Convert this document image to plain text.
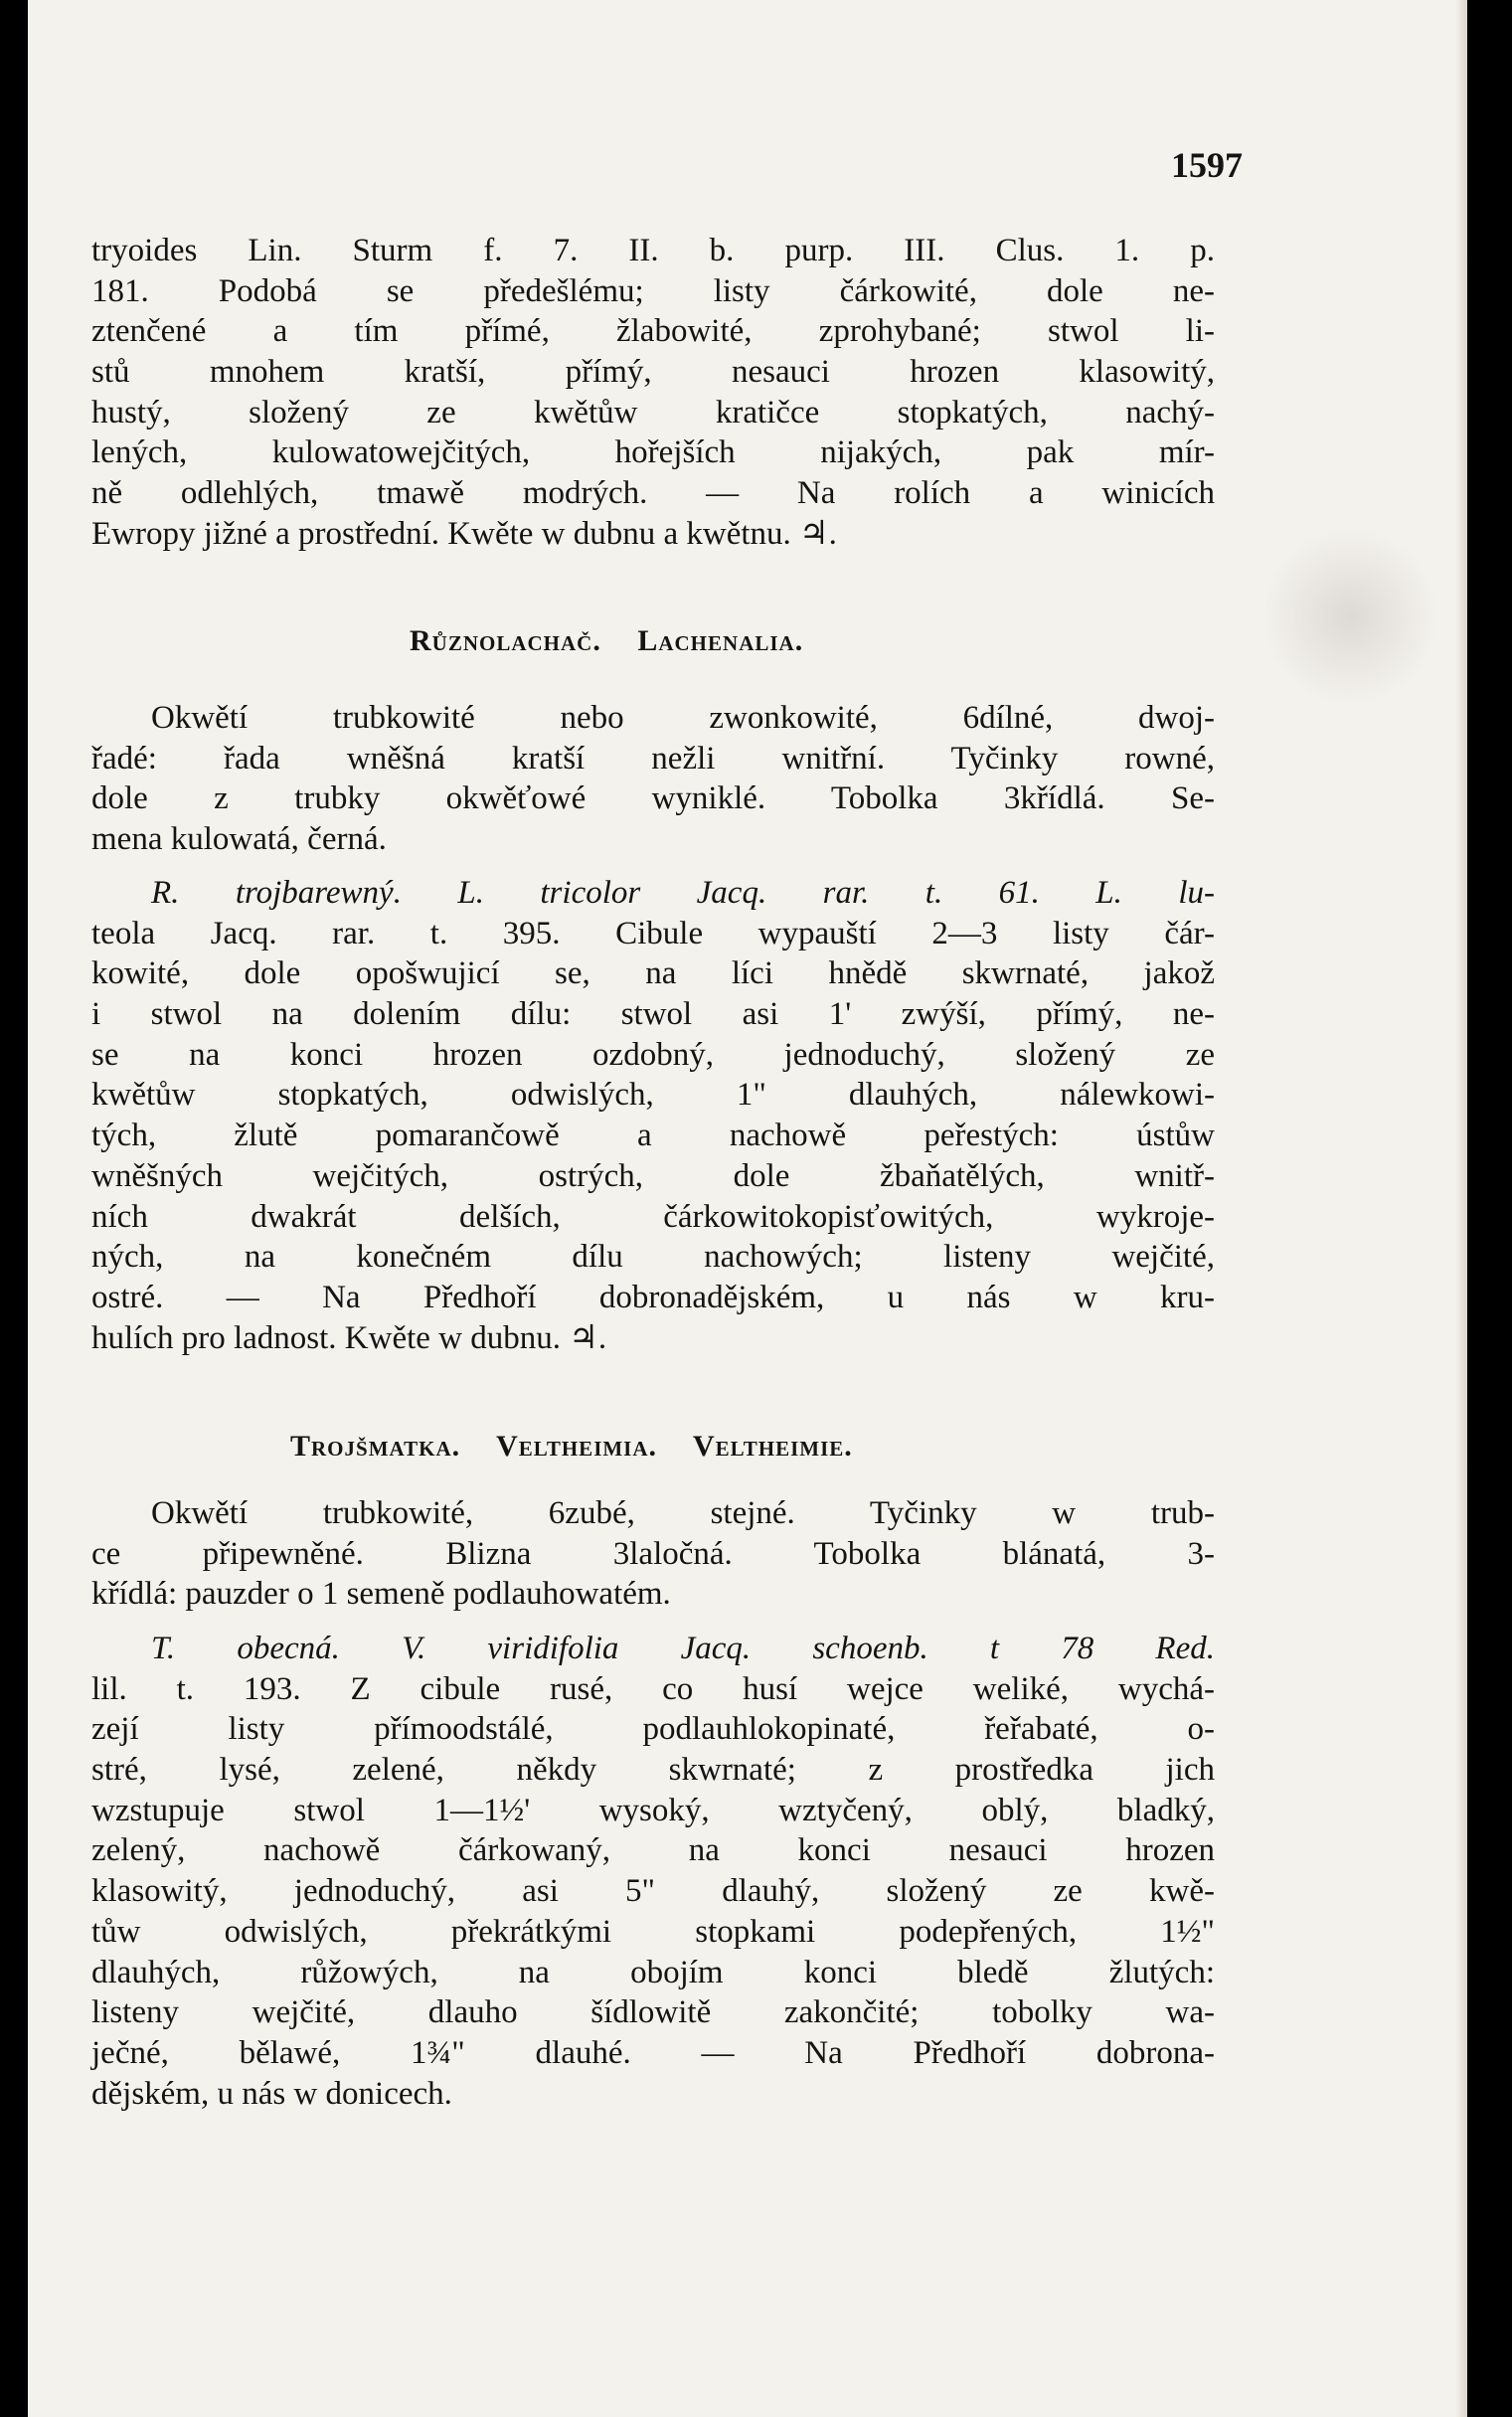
1597
tryoides Lin. Sturm f. 7. II. b. purp. III. Clus. 1. p.
181. Podobá se předešlému; listy čárkowité, dole ne-
ztenčené a tím přímé, žlabowité, zprohybané; stwol li-
stů mnohem kratší, přímý, nesauci hrozen klasowitý,
hustý, složený ze kwětůw kratičce stopkatých, nachý-
lených, kulowatowejčitých, hořejších nijakých, pak mír-
ně odlehlých, tmawě modrých. — Na rolích a winicích
Ewropy jižné a prostřední. Kwěte w dubnu a kwětnu. ♃.
Různolachač. Lachenalia.
Okwětí trubkowité nebo zwonkowité, 6dílné, dwoj-
řadé: řada wněšná kratší nežli wnitřní. Tyčinky rowné,
dole z trubky okwěťowé wyniklé. Tobolka 3křídlá. Se-
mena kulowatá, černá.
R. trojbarewný. L. tricolor Jacq. rar. t. 61. L. lu-
teola Jacq. rar. t. 395. Cibule wypauští 2—3 listy čár-
kowité, dole opošwujicí se, na líci hnědě skwrnaté, jakož
i stwol na dolením dílu: stwol asi 1' zwýší, přímý, ne-
se na konci hrozen ozdobný, jednoduchý, složený ze
kwětůw stopkatých, odwislých, 1" dlauhých, nálewkowi-
tých, žlutě pomarančowě a nachowě peřestých: ústůw
wněšných wejčitých, ostrých, dole žbaňatělých, wnitř-
ních dwakrát delších, čárkowitokopisťowitých, wykroje-
ných, na konečném dílu nachowých; listeny wejčité,
ostré. — Na Předhoří dobronadějském, u nás w kru-
hulích pro ladnost. Kwěte w dubnu. ♃.
Trojšmatka. Veltheimia. Veltheimie.
Okwětí trubkowité, 6zubé, stejné. Tyčinky w trub-
ce připewněné. Blizna 3laločná. Tobolka blánatá, 3-
křídlá: pauzder o 1 semeně podlauhowatém.
T. obecná. V. viridifolia Jacq. schoenb. t 78 Red.
lil. t. 193. Z cibule rusé, co husí wejce weliké, wychá-
zejí listy přímoodstálé, podlauhlokopinaté, řeřabaté, o-
stré, lysé, zelené, někdy skwrnaté; z prostředka jich
wzstupuje stwol 1—1½' wysoký, wztyčený, oblý, bladký,
zelený, nachowě čárkowaný, na konci nesauci hrozen
klasowitý, jednoduchý, asi 5" dlauhý, složený ze kwě-
tůw odwislých, překrátkými stopkami podepřených, 1½"
dlauhých, růžowých, na obojím konci bledě žlutých:
listeny wejčité, dlauho šídlowitě zakončité; tobolky wa-
ječné, bělawé, 1¾" dlauhé. — Na Předhoří dobrona-
dějském, u nás w donicech.
